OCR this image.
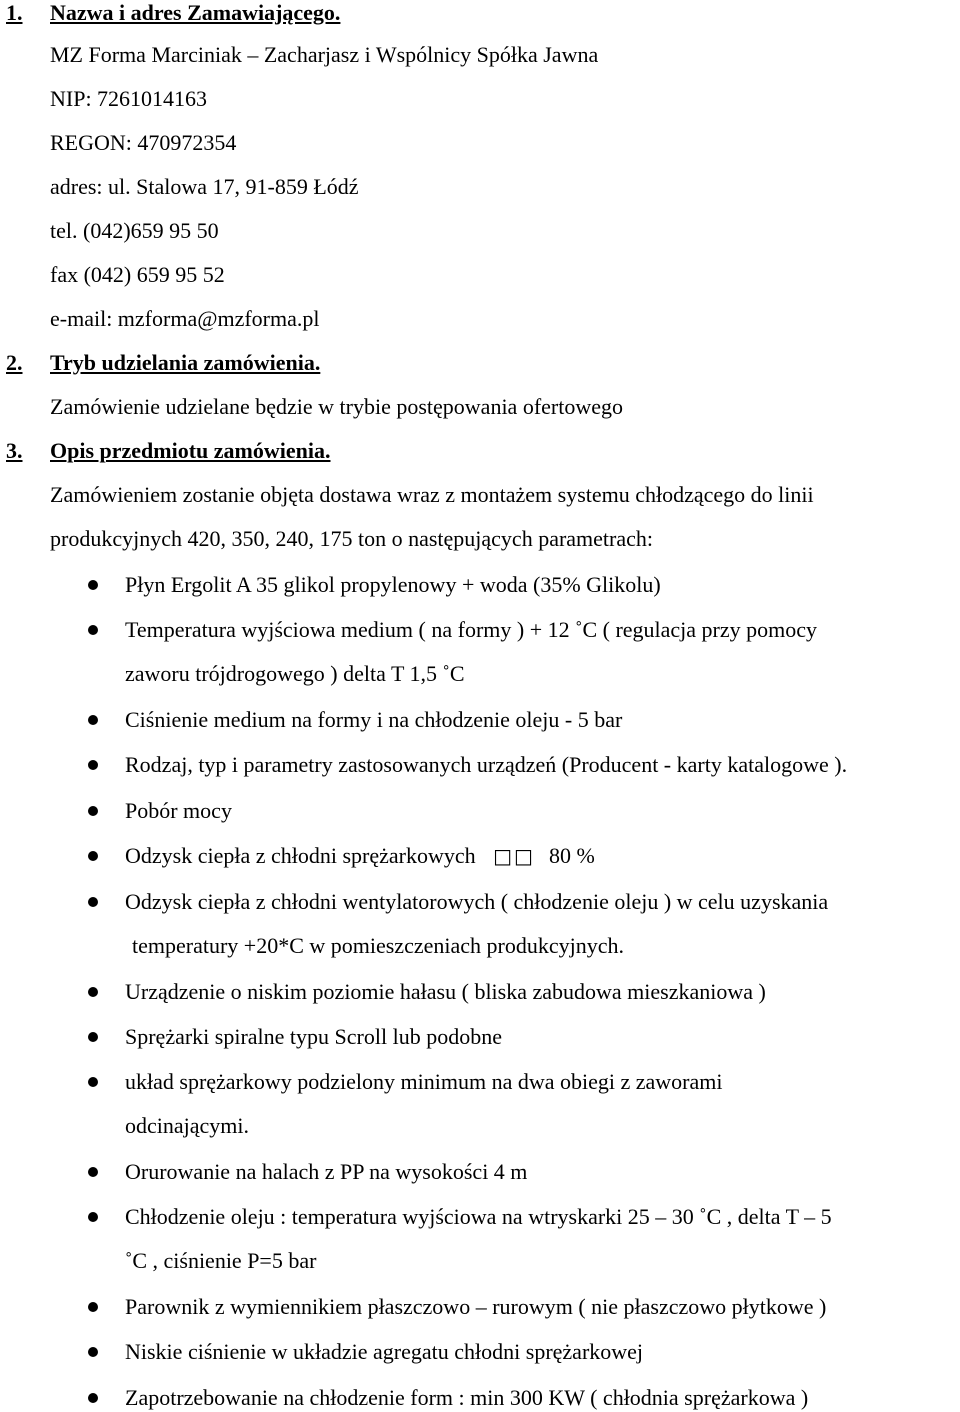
1. Nazwa i adres Zamawiającego.
MZ Forma Marciniak – Zacharjasz i Wspólnicy Spółka Jawna
NIP: 7261014163
REGON: 470972354
adres: ul. Stalowa 17, 91-859 Łódź
tel. (042)659 95 50
fax (042) 659 95 52
e-mail: mzforma@mzforma.pl
2. Tryb udzielania zamówienia.
Zamówienie udzielane będzie w trybie postępowania ofertowego
3. Opis przedmiotu zamówienia.
Zamówieniem zostanie objęta dostawa wraz z montażem systemu chłodzącego do linii
produkcyjnych 420, 350, 240, 175 ton o następujących parametrach:
Płyn Ergolit A 35 glikol propylenowy + woda (35% Glikolu)
Temperatura wyjściowa medium ( na formy ) + 12 ˚C ( regulacja przy pomocy
zaworu trójdrogowego ) delta T 1,5 ˚C
Ciśnienie medium na formy i na chłodzenie oleju - 5 bar
Rodzaj, typ i parametry zastosowanych urządzeń (Producent - karty katalogowe ).
Pobór mocy
Odzysk ciepła z chłodni sprężarkowych □□ 80 %
Odzysk ciepła z chłodni wentylatorowych ( chłodzenie oleju ) w celu uzyskania
temperatury +20*C w pomieszczeniach produkcyjnych.
Urządzenie o niskim poziomie hałasu ( bliska zabudowa mieszkaniowa )
Sprężarki spiralne typu Scroll lub podobne
układ sprężarkowy podzielony minimum na dwa obiegi z zaworami
odcinającymi.
Orurowanie na halach z PP na wysokości 4 m
Chłodzenie oleju : temperatura wyjściowa na wtryskarki 25 – 30 ˚C , delta T – 5
˚C , ciśnienie P=5 bar
Parownik z wymiennikiem płaszczowo – rurowym ( nie płaszczowo płytkowe )
Niskie ciśnienie w układzie agregatu chłodni sprężarkowej
Zapotrzebowanie na chłodzenie form : min 300 KW ( chłodnia sprężarkowa )
